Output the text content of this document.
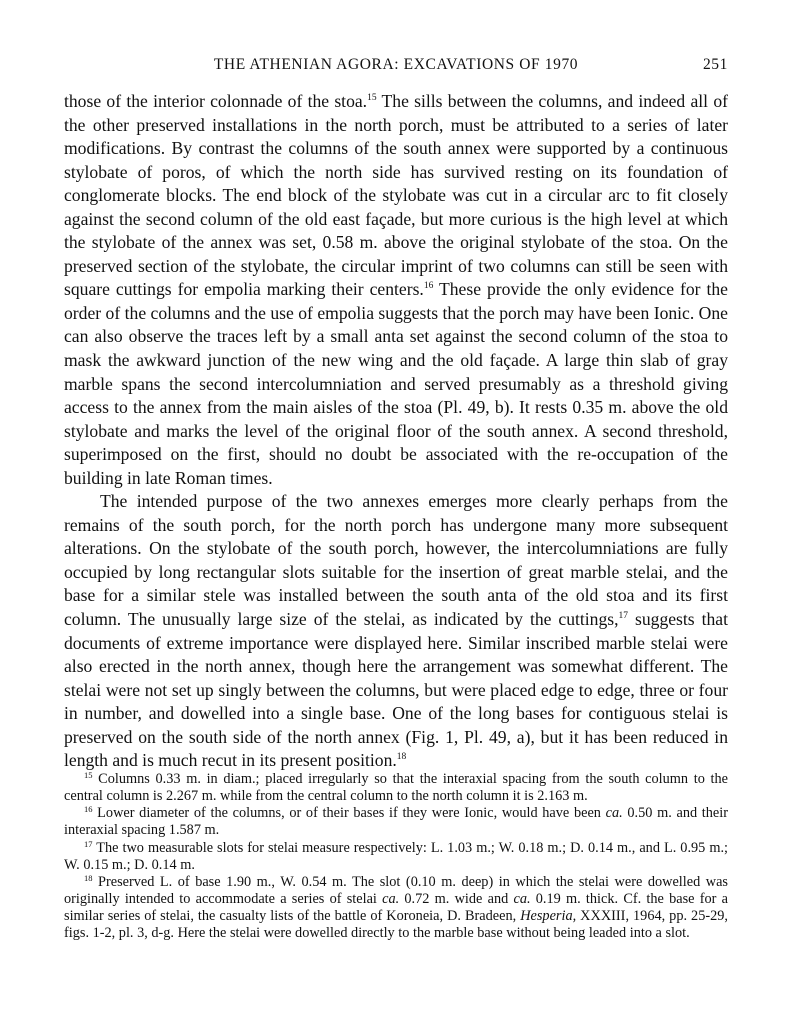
THE ATHENIAN AGORA: EXCAVATIONS OF 1970	251

those of the interior colonnade of the stoa.$^{15}$ The sills between the columns, and indeed all of the other preserved installations in the north porch, must be attributed to a series of later modifications. By contrast the columns of the south annex were supported by a continuous stylobate of poros, of which the north side has survived resting on its foundation of conglomerate blocks. The end block of the stylobate was cut in a circular arc to fit closely against the second column of the old east façade, but more curious is the high level at which the stylobate of the annex was set, 0.58 m. above the original stylobate of the stoa. On the preserved section of the stylobate, the circular imprint of two columns can still be seen with square cuttings for empolia marking their centers.$^{16}$ These provide the only evidence for the order of the columns and the use of empolia suggests that the porch may have been Ionic. One can also observe the traces left by a small anta set against the second column of the stoa to mask the awkward junction of the new wing and the old façade. A large thin slab of gray marble spans the second intercolumniation and served presumably as a threshold giving access to the annex from the main aisles of the stoa (Pl. 49, b). It rests 0.35 m. above the old stylobate and marks the level of the original floor of the south annex. A second threshold, superimposed on the first, should no doubt be associated with the re-occupation of the building in late Roman times.

The intended purpose of the two annexes emerges more clearly perhaps from the remains of the south porch, for the north porch has undergone many more subsequent alterations. On the stylobate of the south porch, however, the intercolumniations are fully occupied by long rectangular slots suitable for the insertion of great marble stelai, and the base for a similar stele was installed between the south anta of the old stoa and its first column. The unusually large size of the stelai, as indicated by the cuttings,$^{17}$ suggests that documents of extreme importance were displayed here. Similar inscribed marble stelai were also erected in the north annex, though here the arrangement was somewhat different. The stelai were not set up singly between the columns, but were placed edge to edge, three or four in number, and dowelled into a single base. One of the long bases for contiguous stelai is preserved on the south side of the north annex (Fig. 1, Pl. 49, a), but it has been reduced in length and is much recut in its present position.$^{18}$

$^{15}$ Columns 0.33 m. in diam.; placed irregularly so that the interaxial spacing from the south column to the central column is 2.267 m. while from the central column to the north column it is 2.163 m.

$^{16}$ Lower diameter of the columns, or of their bases if they were Ionic, would have been ca. 0.50 m. and their interaxial spacing 1.587 m.

$^{17}$ The two measurable slots for stelai measure respectively: L. 1.03 m.; W. 0.18 m.; D. 0.14 m., and L. 0.95 m.; W. 0.15 m.; D. 0.14 m.

$^{18}$ Preserved L. of base 1.90 m., W. 0.54 m. The slot (0.10 m. deep) in which the stelai were dowelled was originally intended to accommodate a series of stelai ca. 0.72 m. wide and ca. 0.19 m. thick. Cf. the base for a similar series of stelai, the casualty lists of the battle of Koroneia, D. Bradeen, Hesperia, XXXIII, 1964, pp. 25-29, figs. 1-2, pl. 3, d-g. Here the stelai were dowelled directly to the marble base without being leaded into a slot.
